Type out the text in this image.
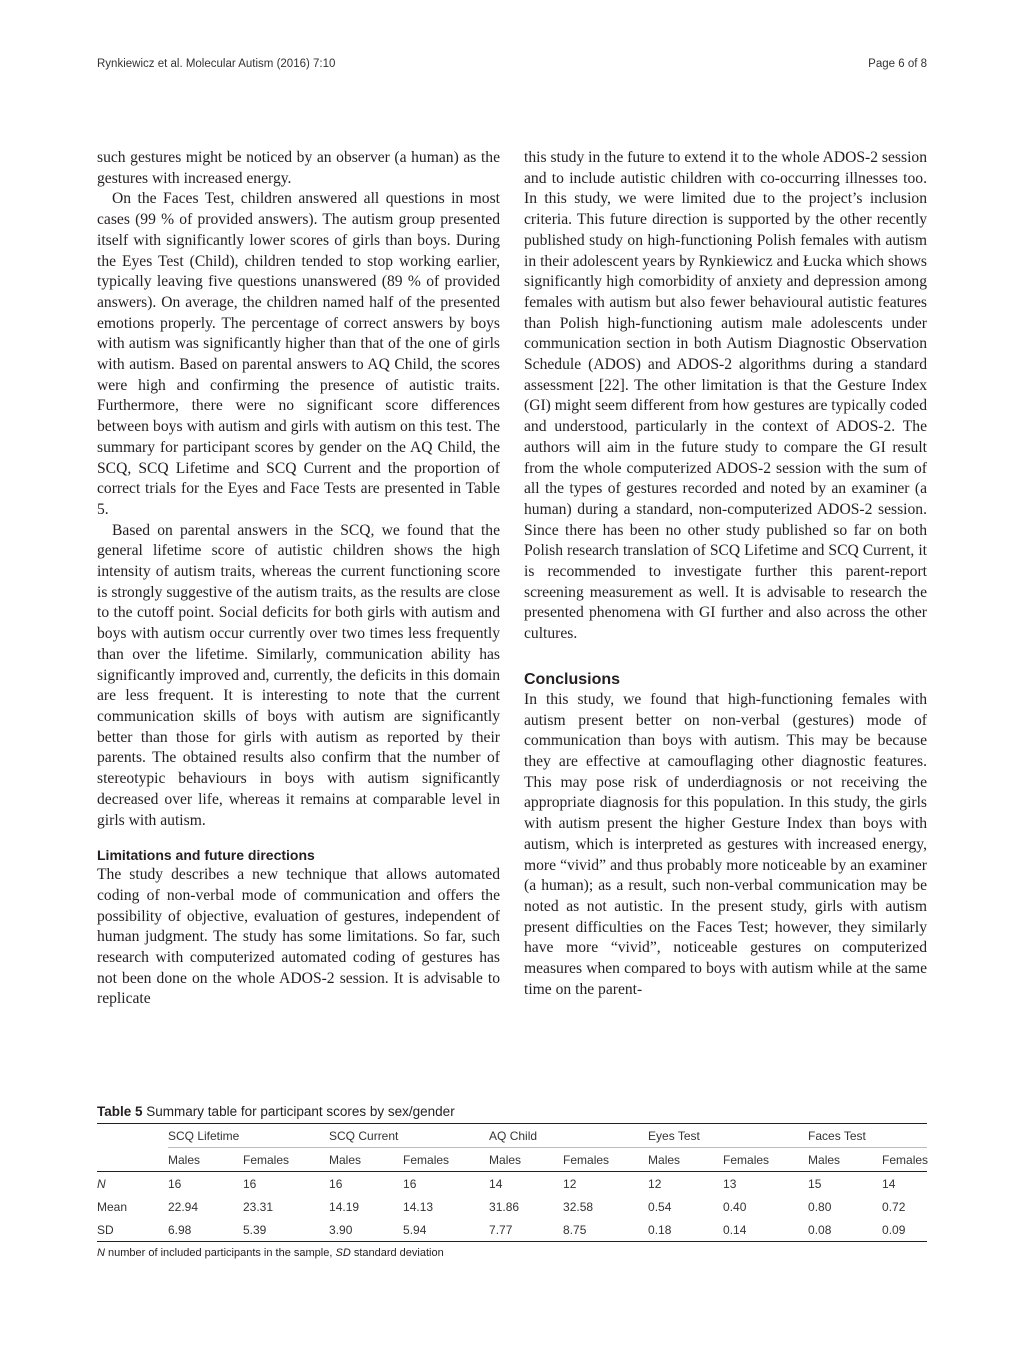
Rynkiewicz et al. Molecular Autism (2016) 7:10	Page 6 of 8

such gestures might be noticed by an observer (a human) as the gestures with increased energy.

On the Faces Test, children answered all questions in most cases (99 % of provided answers). The autism group presented itself with significantly lower scores of girls than boys. During the Eyes Test (Child), children tended to stop working earlier, typically leaving five questions unanswered (89 % of provided answers). On average, the children named half of the presented emotions properly. The percentage of correct answers by boys with autism was significantly higher than that of the one of girls with autism. Based on parental answers to AQ Child, the scores were high and confirming the presence of autistic traits. Furthermore, there were no significant score differences between boys with autism and girls with autism on this test. The summary for participant scores by gender on the AQ Child, the SCQ, SCQ Lifetime and SCQ Current and the proportion of correct trials for the Eyes and Face Tests are presented in Table 5.

Based on parental answers in the SCQ, we found that the general lifetime score of autistic children shows the high intensity of autism traits, whereas the current functioning score is strongly suggestive of the autism traits, as the results are close to the cutoff point. Social deficits for both girls with autism and boys with autism occur currently over two times less frequently than over the lifetime. Similarly, communication ability has significantly improved and, currently, the deficits in this domain are less frequent. It is interesting to note that the current communication skills of boys with autism are significantly better than those for girls with autism as reported by their parents. The obtained results also confirm that the number of stereotypic behaviours in boys with autism significantly decreased over life, whereas it remains at comparable level in girls with autism.

Limitations and future directions

The study describes a new technique that allows automated coding of non-verbal mode of communication and offers the possibility of objective, evaluation of gestures, independent of human judgment. The study has some limitations. So far, such research with computerized automated coding of gestures has not been done on the whole ADOS-2 session. It is advisable to replicate

this study in the future to extend it to the whole ADOS-2 session and to include autistic children with co-occurring illnesses too. In this study, we were limited due to the project’s inclusion criteria. This future direction is supported by the other recently published study on high-functioning Polish females with autism in their adolescent years by Rynkiewicz and Łucka which shows significantly high comorbidity of anxiety and depression among females with autism but also fewer behavioural autistic features than Polish high-functioning autism male adolescents under communication section in both Autism Diagnostic Observation Schedule (ADOS) and ADOS-2 algorithms during a standard assessment [22]. The other limitation is that the Gesture Index (GI) might seem different from how gestures are typically coded and understood, particularly in the context of ADOS-2. The authors will aim in the future study to compare the GI result from the whole computerized ADOS-2 session with the sum of all the types of gestures recorded and noted by an examiner (a human) during a standard, non-computerized ADOS-2 session. Since there has been no other study published so far on both Polish research translation of SCQ Lifetime and SCQ Current, it is recommended to investigate further this parent-report screening measurement as well. It is advisable to research the presented phenomena with GI further and also across the other cultures.

Conclusions

In this study, we found that high-functioning females with autism present better on non-verbal (gestures) mode of communication than boys with autism. This may be because they are effective at camouflaging other diagnostic features. This may pose risk of underdiagnosis or not receiving the appropriate diagnosis for this population. In this study, the girls with autism present the higher Gesture Index than boys with autism, which is interpreted as gestures with increased energy, more “vivid” and thus probably more noticeable by an examiner (a human); as a result, such non-verbal communication may be noted as not autistic. In the present study, girls with autism present difficulties on the Faces Test; however, they similarly have more “vivid”, noticeable gestures on computerized measures when compared to boys with autism while at the same time on the parent-

Table 5 Summary table for participant scores by sex/gender
	SCQ Lifetime		SCQ Current		AQ Child		Eyes Test		Faces Test	
	Males	Females	Males	Females	Males	Females	Males	Females	Males	Females
N	16	16	16	16	14	12	12	13	15	14
Mean	22.94	23.31	14.19	14.13	31.86	32.58	0.54	0.40	0.80	0.72
SD	6.98	5.39	3.90	5.94	7.77	8.75	0.18	0.14	0.08	0.09
N number of included participants in the sample, SD standard deviation
